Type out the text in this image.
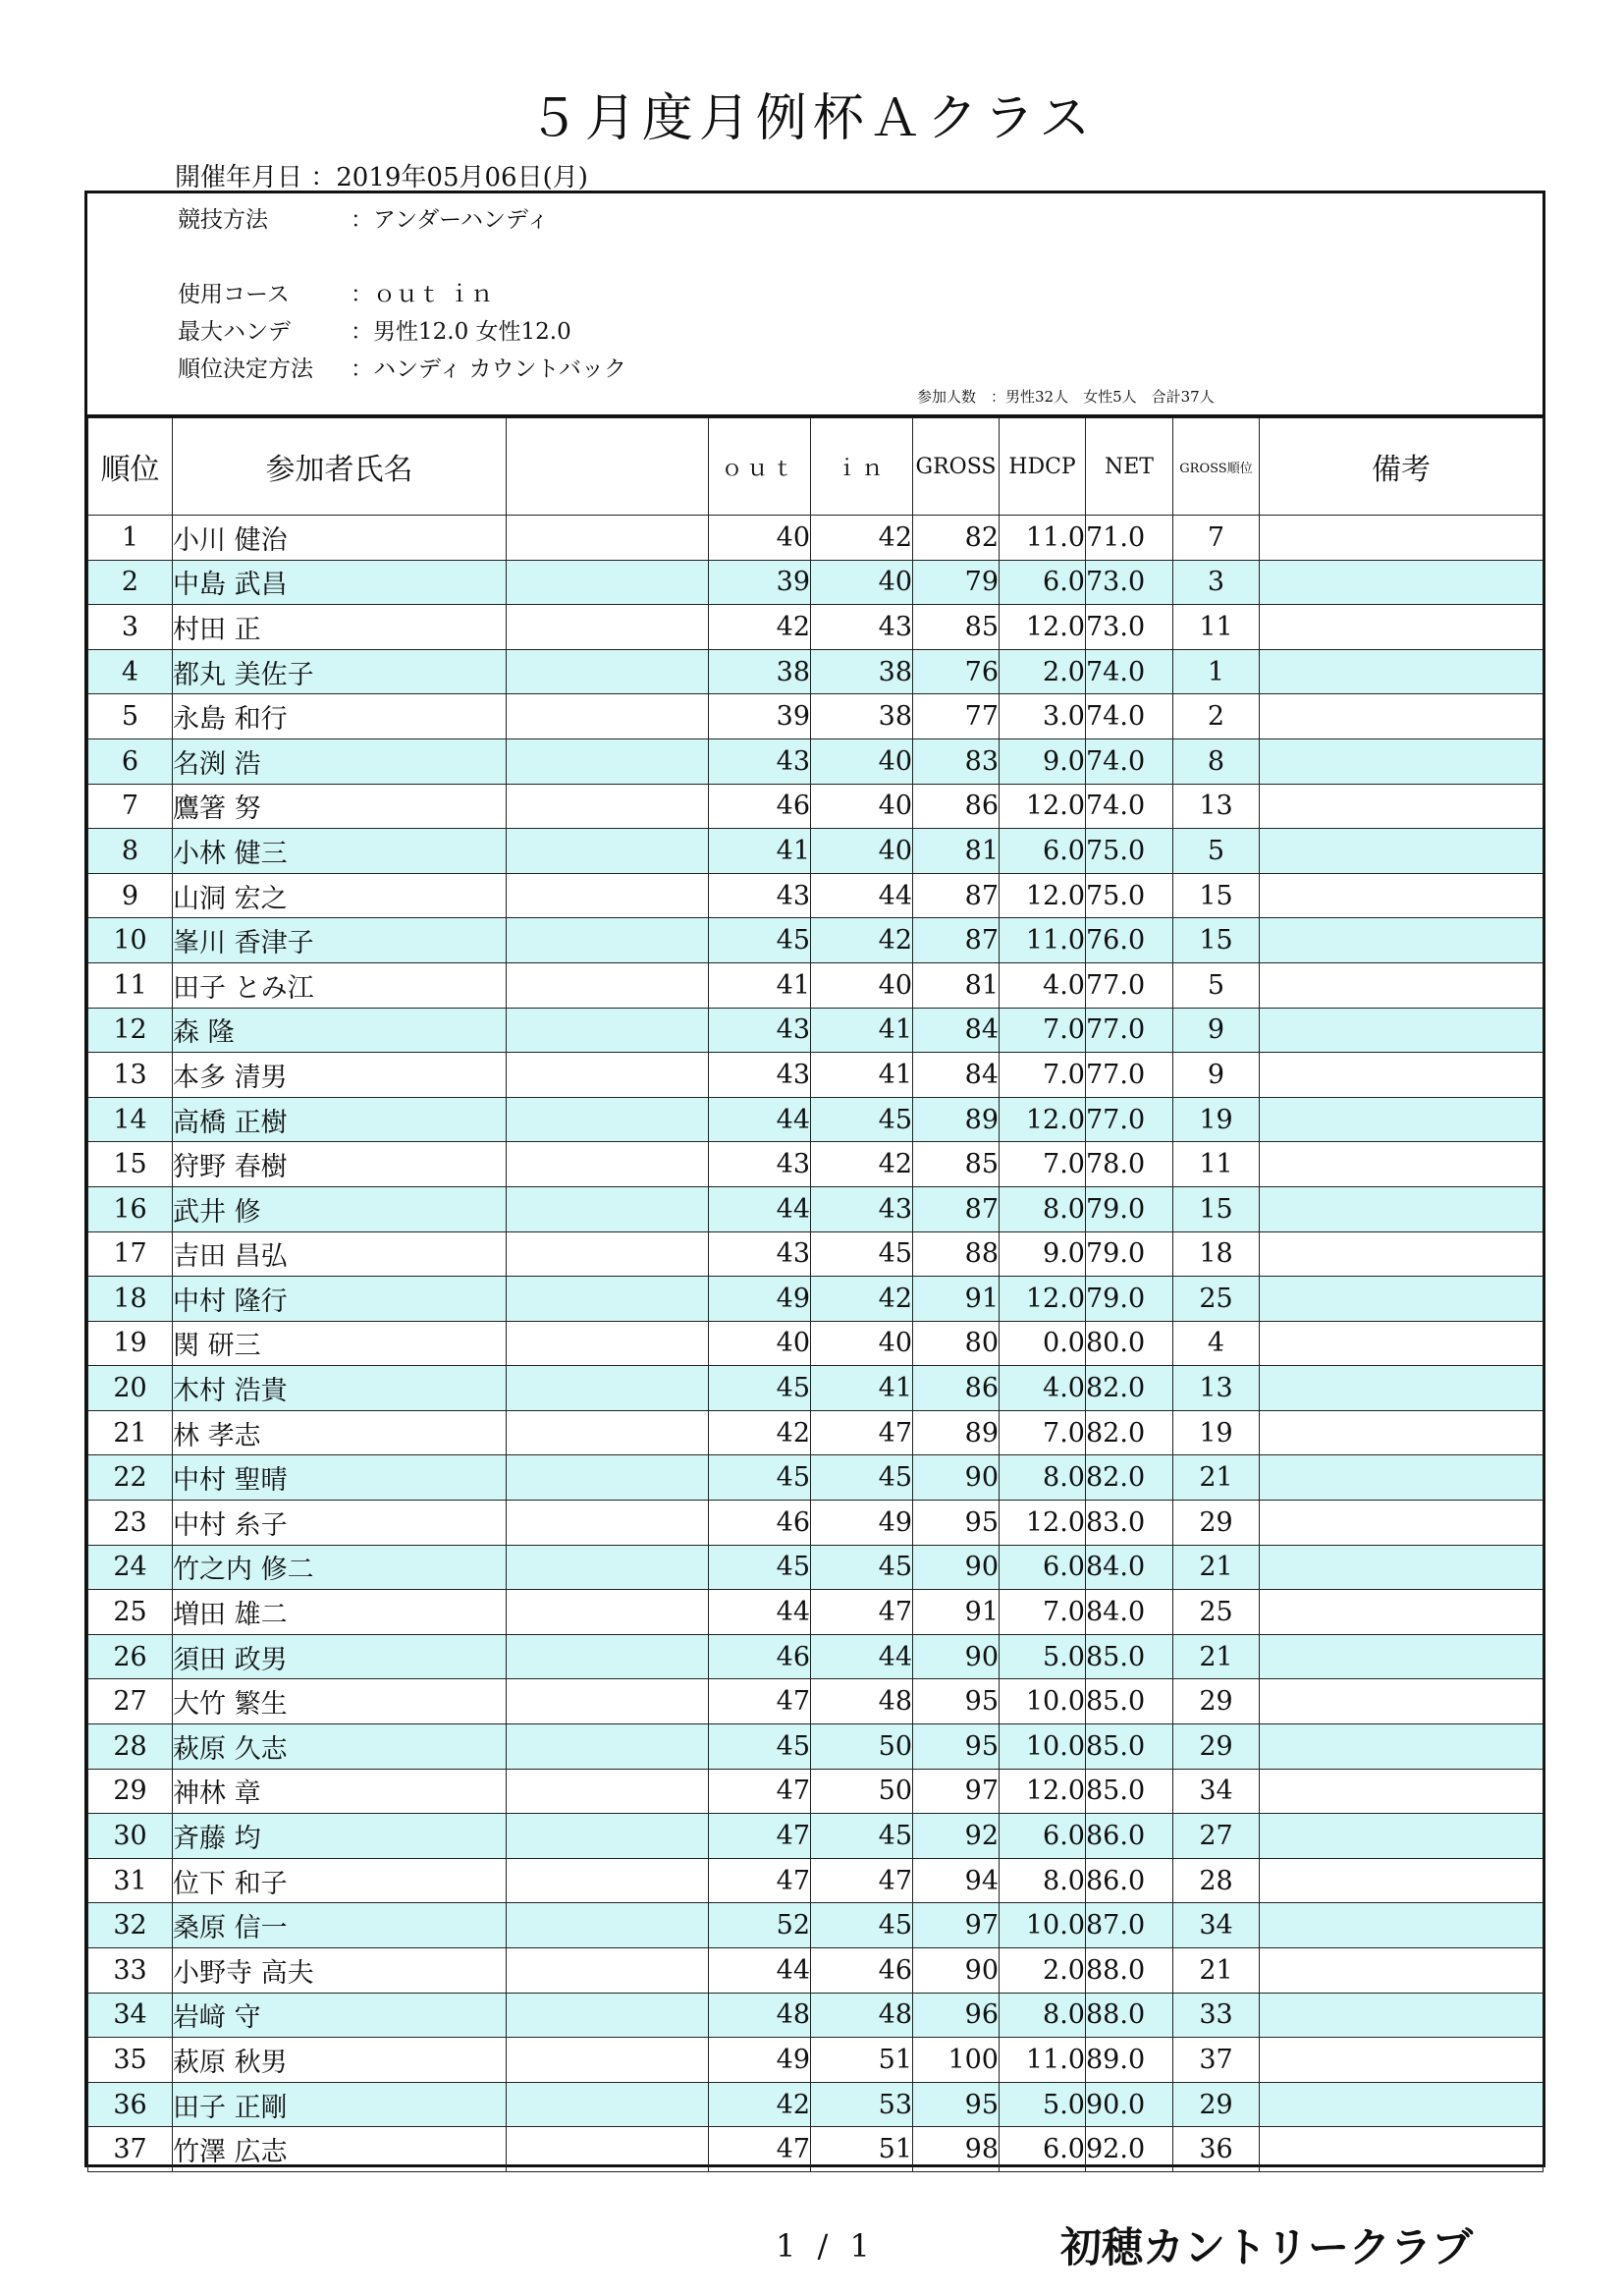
５月度月例杯Ａクラス
開催年月日 ：2019年05月06日(月)
競技方法	：アンダーハンディ
使用コース	：ｏｕｔ ｉｎ
最大ハンデ	：男性12.0 女性12.0
順位決定方法 ：ハンディ カウントバック
参加人数　：男性32人　女性5人　合計37人
順位	参加者氏名		ｏｕｔ	ｉｎ	GROSS	HDCP	NET	GROSS順位	備考
1	小川 健治		40	42	82	11.0	71.0	7	
2	中島 武昌		39	40	79	6.0	73.0	3	
3	村田 正		42	43	85	12.0	73.0	11	
4	都丸 美佐子		38	38	76	2.0	74.0	1	
5	永島 和行		39	38	77	3.0	74.0	2	
6	名渕 浩		43	40	83	9.0	74.0	8	
7	鷹箸 努		46	40	86	12.0	74.0	13	
8	小林 健三		41	40	81	6.0	75.0	5	
9	山洞 宏之		43	44	87	12.0	75.0	15	
10	峯川 香津子		45	42	87	11.0	76.0	15	
11	田子 とみ江		41	40	81	4.0	77.0	5	
12	森 隆		43	41	84	7.0	77.0	9	
13	本多 清男		43	41	84	7.0	77.0	9	
14	高橋 正樹		44	45	89	12.0	77.0	19	
15	狩野 春樹		43	42	85	7.0	78.0	11	
16	武井 修		44	43	87	8.0	79.0	15	
17	吉田 昌弘		43	45	88	9.0	79.0	18	
18	中村 隆行		49	42	91	12.0	79.0	25	
19	関 研三		40	40	80	0.0	80.0	4	
20	木村 浩貴		45	41	86	4.0	82.0	13	
21	林 孝志		42	47	89	7.0	82.0	19	
22	中村 聖晴		45	45	90	8.0	82.0	21	
23	中村 糸子		46	49	95	12.0	83.0	29	
24	竹之内 修二		45	45	90	6.0	84.0	21	
25	増田 雄二		44	47	91	7.0	84.0	25	
26	須田 政男		46	44	90	5.0	85.0	21	
27	大竹 繁生		47	48	95	10.0	85.0	29	
28	萩原 久志		45	50	95	10.0	85.0	29	
29	神林 章		47	50	97	12.0	85.0	34	
30	斉藤 均		47	45	92	6.0	86.0	27	
31	位下 和子		47	47	94	8.0	86.0	28	
32	桑原 信一		52	45	97	10.0	87.0	34	
33	小野寺 高夫		44	46	90	2.0	88.0	21	
34	岩﨑 守		48	48	96	8.0	88.0	33	
35	萩原 秋男		49	51	100	11.0	89.0	37	
36	田子 正剛		42	53	95	5.0	90.0	29	
37	竹澤 広志		47	51	98	6.0	92.0	36	
1 / 1	初穂カントリークラブ
